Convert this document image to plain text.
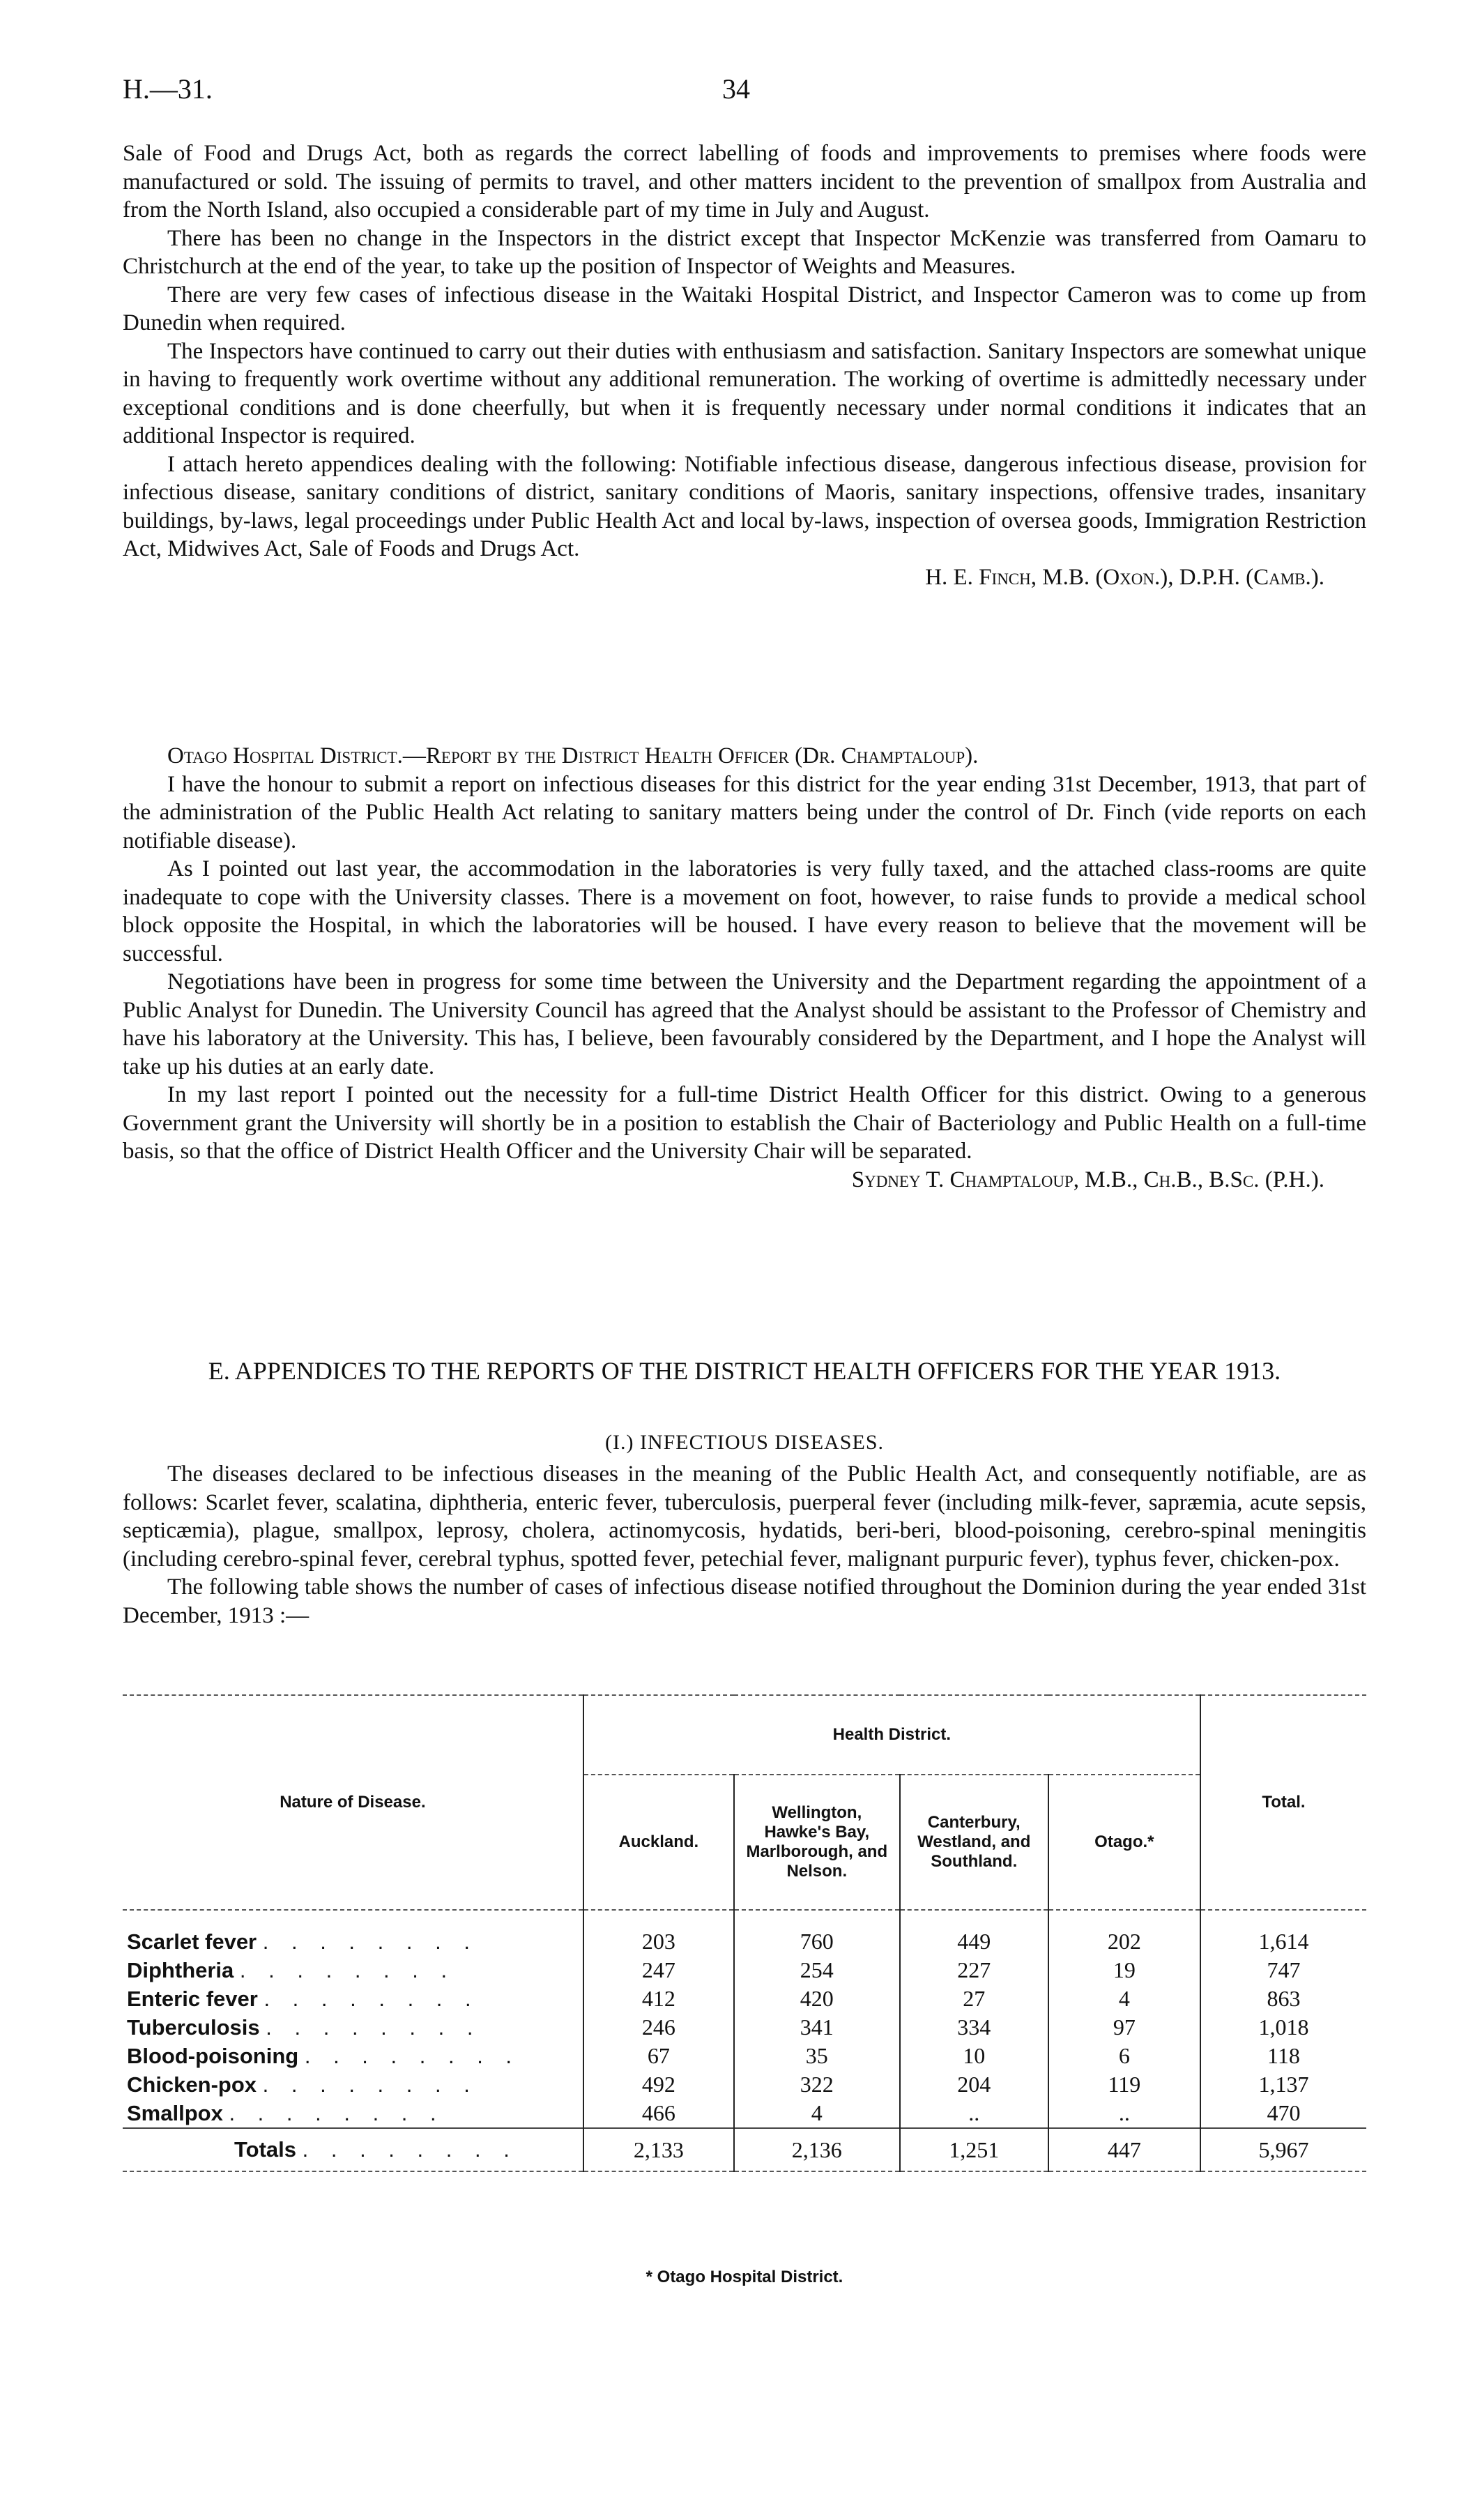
H.—31.	34

Sale of Food and Drugs Act, both as regards the correct labelling of foods and improvements to premises where foods were manufactured or sold. The issuing of permits to travel, and other matters incident to the prevention of smallpox from Australia and from the North Island, also occupied a considerable part of my time in July and August.

There has been no change in the Inspectors in the district except that Inspector McKenzie was transferred from Oamaru to Christchurch at the end of the year, to take up the position of Inspector of Weights and Measures.

There are very few cases of infectious disease in the Waitaki Hospital District, and Inspector Cameron was to come up from Dunedin when required.

The Inspectors have continued to carry out their duties with enthusiasm and satisfaction. Sanitary Inspectors are somewhat unique in having to frequently work overtime without any additional remuneration. The working of overtime is admittedly necessary under exceptional conditions and is done cheerfully, but when it is frequently necessary under normal conditions it indicates that an additional Inspector is required.

I attach hereto appendices dealing with the following: Notifiable infectious disease, dangerous infectious disease, provision for infectious disease, sanitary conditions of district, sanitary conditions of Maoris, sanitary inspections, offensive trades, insanitary buildings, by-laws, legal proceedings under Public Health Act and local by-laws, inspection of oversea goods, Immigration Restriction Act, Midwives Act, Sale of Foods and Drugs Act.

H. E. Finch, M.B. (Oxon.), D.P.H. (Camb.).

Otago Hospital District.—Report by the District Health Officer (Dr. Champtaloup).

I have the honour to submit a report on infectious diseases for this district for the year ending 31st December, 1913, that part of the administration of the Public Health Act relating to sanitary matters being under the control of Dr. Finch (vide reports on each notifiable disease).

As I pointed out last year, the accommodation in the laboratories is very fully taxed, and the attached class-rooms are quite inadequate to cope with the University classes. There is a movement on foot, however, to raise funds to provide a medical school block opposite the Hospital, in which the laboratories will be housed. I have every reason to believe that the movement will be successful.

Negotiations have been in progress for some time between the University and the Department regarding the appointment of a Public Analyst for Dunedin. The University Council has agreed that the Analyst should be assistant to the Professor of Chemistry and have his laboratory at the University. This has, I believe, been favourably considered by the Department, and I hope the Analyst will take up his duties at an early date.

In my last report I pointed out the necessity for a full-time District Health Officer for this district. Owing to a generous Government grant the University will shortly be in a position to establish the Chair of Bacteriology and Public Health on a full-time basis, so that the office of District Health Officer and the University Chair will be separated.

Sydney T. Champtaloup, M.B., Ch.B., B.Sc. (P.H.).

E. APPENDICES TO THE REPORTS OF THE DISTRICT HEALTH OFFICERS FOR THE YEAR 1913.
(I.) INFECTIOUS DISEASES.

The diseases declared to be infectious diseases in the meaning of the Public Health Act, and consequently notifiable, are as follows: Scarlet fever, scalatina, diphtheria, enteric fever, tuberculosis, puerperal fever (including milk-fever, sapræmia, acute sepsis, septicæmia), plague, smallpox, leprosy, cholera, actinomycosis, hydatids, beri-beri, blood-poisoning, cerebro-spinal meningitis (including cerebro-spinal fever, cerebral typhus, spotted fever, petechial fever, malignant purpuric fever), typhus fever, chicken-pox.

The following table shows the number of cases of infectious disease notified throughout the Dominion during the year ended 31st December, 1913 :—

Nature of Disease.	Health District.				Total.
	Auckland.	Wellington, Hawke's Bay, Marlborough, and Nelson.	Canterbury, Westland, and Southland.	Otago.*	

Scarlet fever . . . . . . . .	203	760	449	202	1,614
Diphtheria . . . . . . . .	247	254	227	19	747
Enteric fever . . . . . . . .	412	420	27	4	863
Tuberculosis . . . . . . . .	246	341	334	97	1,018
Blood-poisoning . . . . . . . .	67	35	10	6	118
Chicken-pox . . . . . . . .	492	322	204	119	1,137
Smallpox . . . . . . . .	466	4	..	..	470
Totals . . . . . . . .	2,133	2,136	1,251	447	5,967
* Otago Hospital District.
